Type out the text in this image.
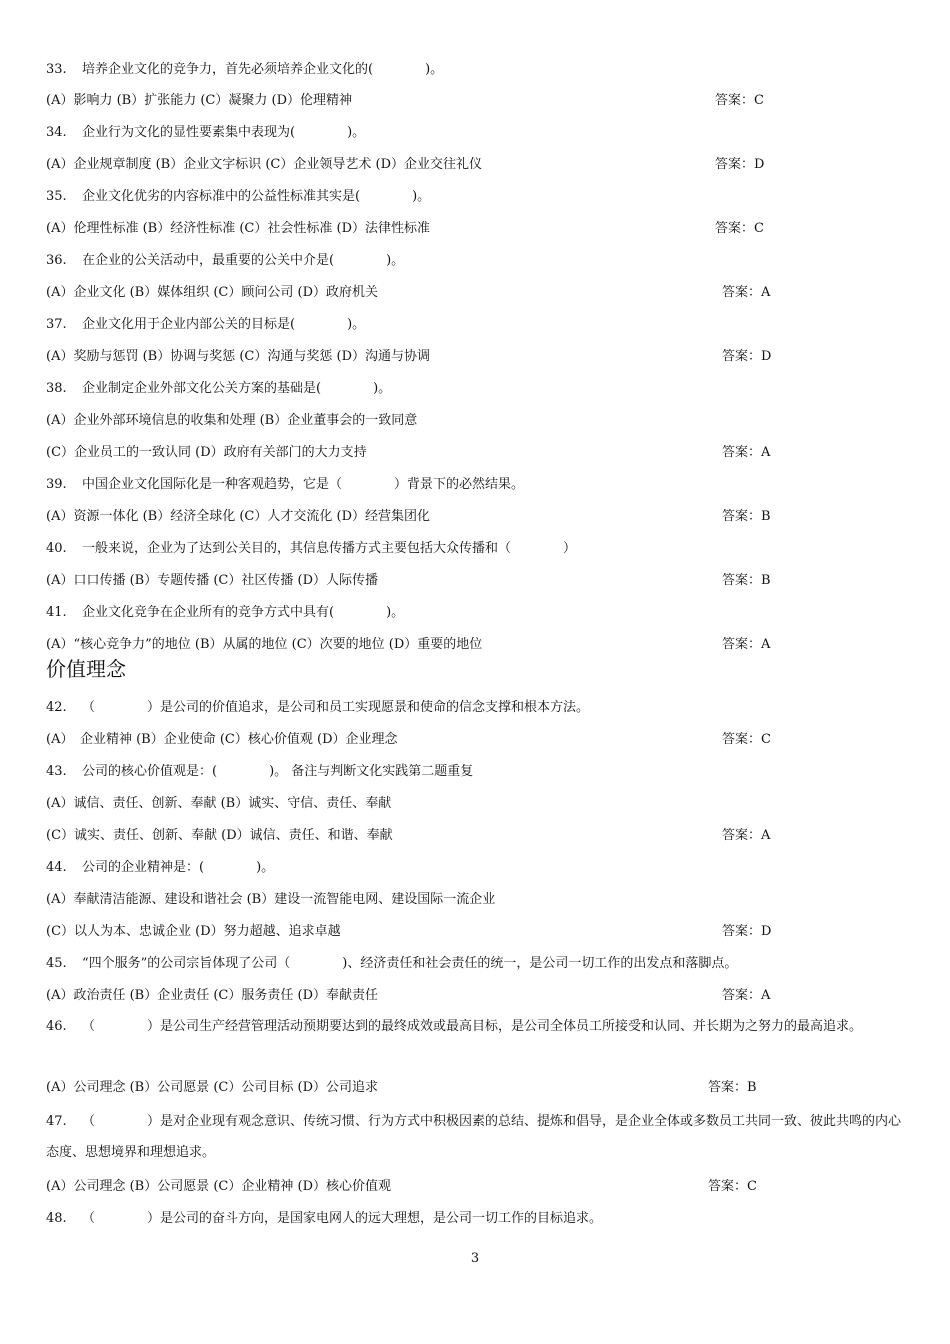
33. 培养企业文化的竞争力，首先必须培养企业文化的(　　　　)。
(A）影响力 (B）扩张能力 (C）凝聚力 (D）伦理精神	答案：C
34. 企业行为文化的显性要素集中表现为(　　　　)。
(A）企业规章制度 (B）企业文字标识 (C）企业领导艺术 (D）企业交往礼仪	答案：D
35. 企业文化优劣的内容标准中的公益性标准其实是(　　　　)。
(A）伦理性标准 (B）经济性标准 (C）社会性标准 (D）法律性标准	答案：C
36. 在企业的公关活动中，最重要的公关中介是(　　　　)。
(A）企业文化 (B）媒体组织 (C）顾问公司 (D）政府机关	答案：A
37. 企业文化用于企业内部公关的目标是(　　　　)。
(A）奖励与惩罚 (B）协调与奖惩 (C）沟通与奖惩 (D）沟通与协调	答案：D
38. 企业制定企业外部文化公关方案的基础是(　　　　)。
(A）企业外部环境信息的收集和处理 (B）企业董事会的一致同意
(C）企业员工的一致认同 (D）政府有关部门的大力支持	答案：A
39. 中国企业文化国际化是一种客观趋势，它是（　　　　）背景下的必然结果。
(A）资源一体化 (B）经济全球化 (C）人才交流化 (D）经营集团化	答案：B
40. 一般来说，企业为了达到公关目的，其信息传播方式主要包括大众传播和（　　　　）
(A）口口传播 (B）专题传播 (C）社区传播 (D）人际传播	答案：B
41. 企业文化竞争在企业所有的竞争方式中具有(　　　　)。
(A）“核心竞争力”的地位 (B）从属的地位 (C）次要的地位 (D）重要的地位	答案：A
价值理念
42. （　　　　）是公司的价值追求，是公司和员工实现愿景和使命的信念支撑和根本方法。
(A）　企业精神 (B）企业使命 (C）核心价值观 (D）企业理念	答案：C
43. 公司的核心价值观是：(　　　　)。 备注与判断文化实践第二题重复
(A）诚信、责任、创新、奉献 (B）诚实、守信、责任、奉献
(C）诚实、责任、创新、奉献 (D）诚信、责任、和谐、奉献	答案：A
44. 公司的企业精神是：(　　　　)。
(A）奉献清洁能源、建设和谐社会 (B）建设一流智能电网、建设国际一流企业
(C）以人为本、忠诚企业 (D）努力超越、追求卓越	答案：D
45. “四个服务”的公司宗旨体现了公司（　　　　)、经济责任和社会责任的统一，是公司一切工作的出发点和落脚点。
(A）政治责任 (B）企业责任 (C）服务责任 (D）奉献责任	答案：A
46. （　　　　）是公司生产经营管理活动预期要达到的最终成效或最高目标，是公司全体员工所接受和认同、并长期为之努力的最高追求。
(A）公司理念 (B）公司愿景 (C）公司目标 (D）公司追求	答案：B
47. （　　　　）是对企业现有观念意识、传统习惯、行为方式中积极因素的总结、提炼和倡导，是企业全体或多数员工共同一致、彼此共鸣的内心态度、思想境界和理想追求。
(A）公司理念 (B）公司愿景 (C）企业精神 (D）核心价值观	答案：C
48. （　　　　）是公司的奋斗方向，是国家电网人的远大理想，是公司一切工作的目标追求。
3
